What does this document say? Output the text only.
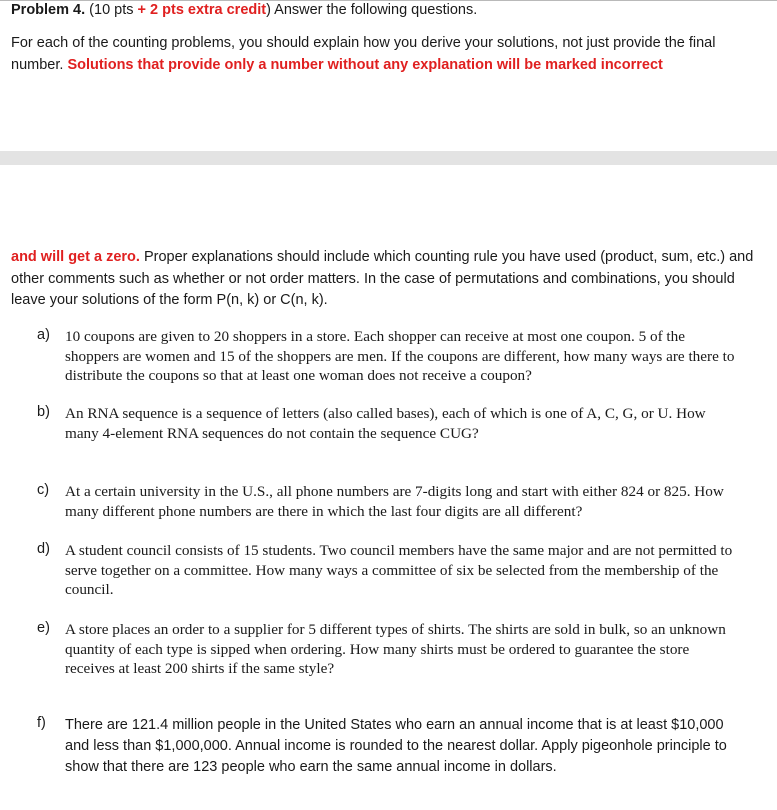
Problem 4. (10 pts + 2 pts extra credit) Answer the following questions.
For each of the counting problems, you should explain how you derive your solutions, not just provide the final number. Solutions that provide only a number without any explanation will be marked incorrect
and will get a zero. Proper explanations should include which counting rule you have used (product, sum, etc.) and other comments such as whether or not order matters. In the case of permutations and combinations, you should leave your solutions of the form P(n, k) or C(n, k).
a) 10 coupons are given to 20 shoppers in a store. Each shopper can receive at most one coupon. 5 of the shoppers are women and 15 of the shoppers are men. If the coupons are different, how many ways are there to distribute the coupons so that at least one woman does not receive a coupon?
b) An RNA sequence is a sequence of letters (also called bases), each of which is one of A, C, G, or U. How many 4-element RNA sequences do not contain the sequence CUG?
c) At a certain university in the U.S., all phone numbers are 7-digits long and start with either 824 or 825. How many different phone numbers are there in which the last four digits are all different?
d) A student council consists of 15 students. Two council members have the same major and are not permitted to serve together on a committee. How many ways a committee of six be selected from the membership of the council.
e) A store places an order to a supplier for 5 different types of shirts. The shirts are sold in bulk, so an unknown quantity of each type is sipped when ordering. How many shirts must be ordered to guarantee the store receives at least 200 shirts if the same style?
f) There are 121.4 million people in the United States who earn an annual income that is at least $10,000 and less than $1,000,000. Annual income is rounded to the nearest dollar. Apply pigeonhole principle to show that there are 123 people who earn the same annual income in dollars.
